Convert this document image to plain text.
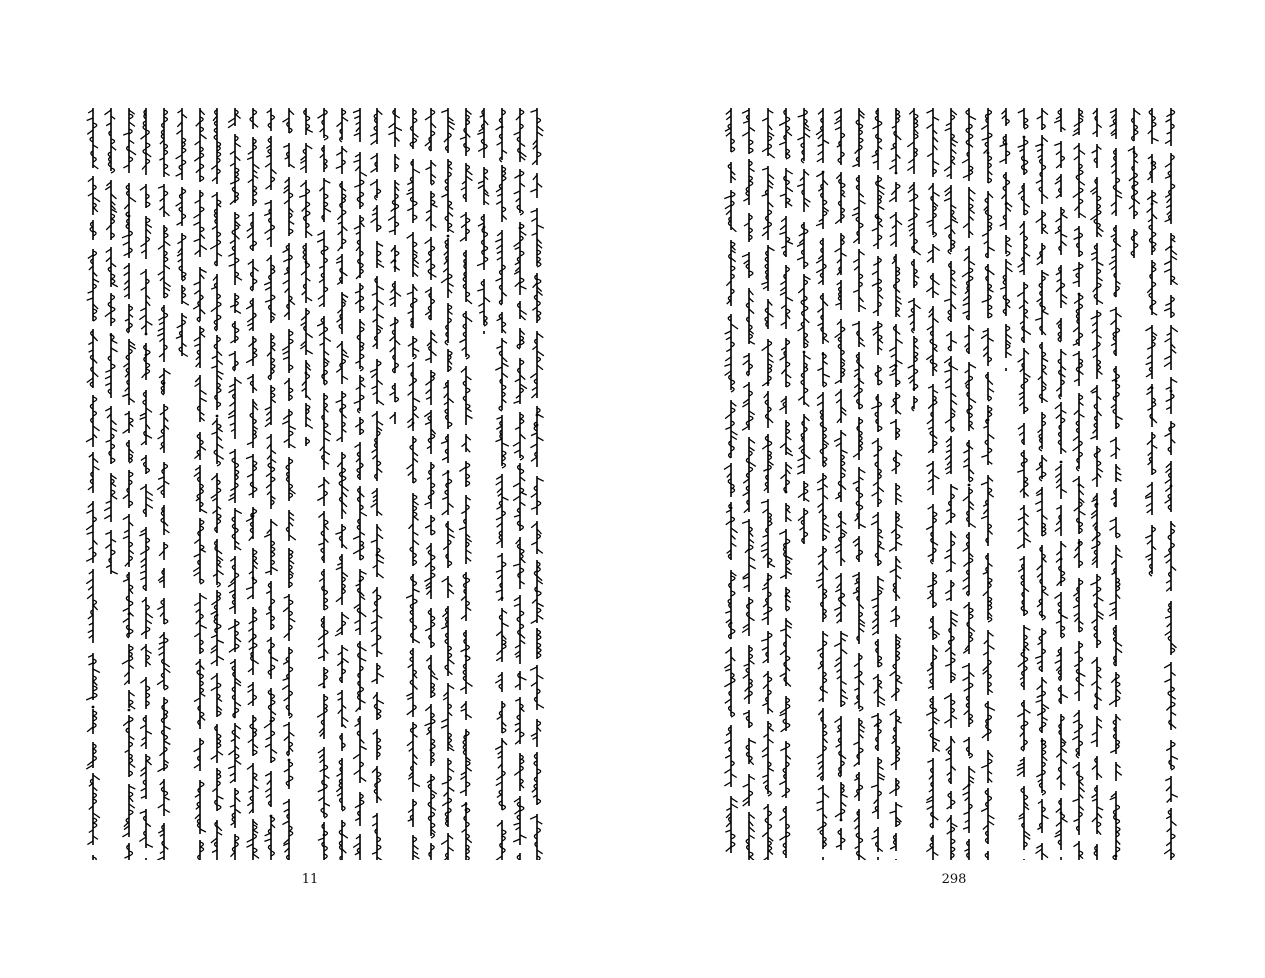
11	298
